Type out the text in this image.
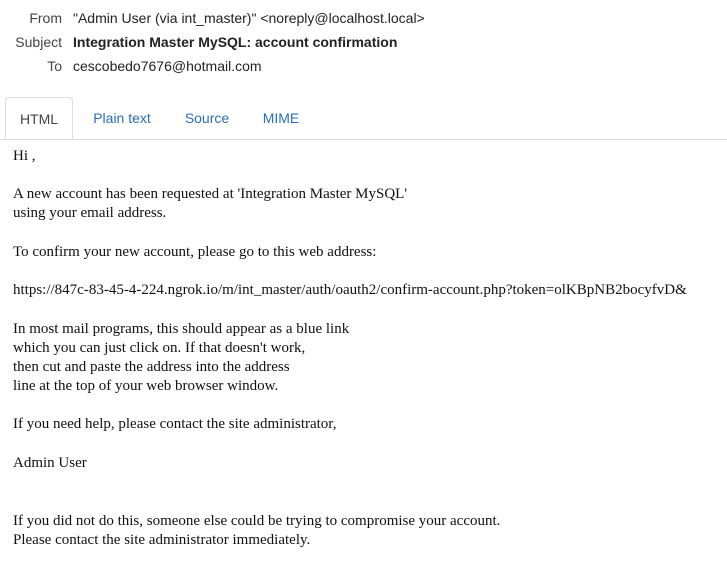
From "Admin User (via int_master)" <noreply@localhost.local>
Subject Integration Master MySQL: account confirmation
To cescobedo7676@hotmail.com
HTML	Plain text	Source	MIME

Hi ,

A new account has been requested at 'Integration Master MySQL'

using your email address.

To confirm your new account, please go to this web address:

https://847c-83-45-4-224.ngrok.io/m/int_master/auth/oauth2/confirm-account.php?token=olKBpNB2bocyfvD&

In most mail programs, this should appear as a blue link

which you can just click on. If that doesn't work,

then cut and paste the address into the address

line at the top of your web browser window.

If you need help, please contact the site administrator,

Admin User

If you did not do this, someone else could be trying to compromise your account.

Please contact the site administrator immediately.
